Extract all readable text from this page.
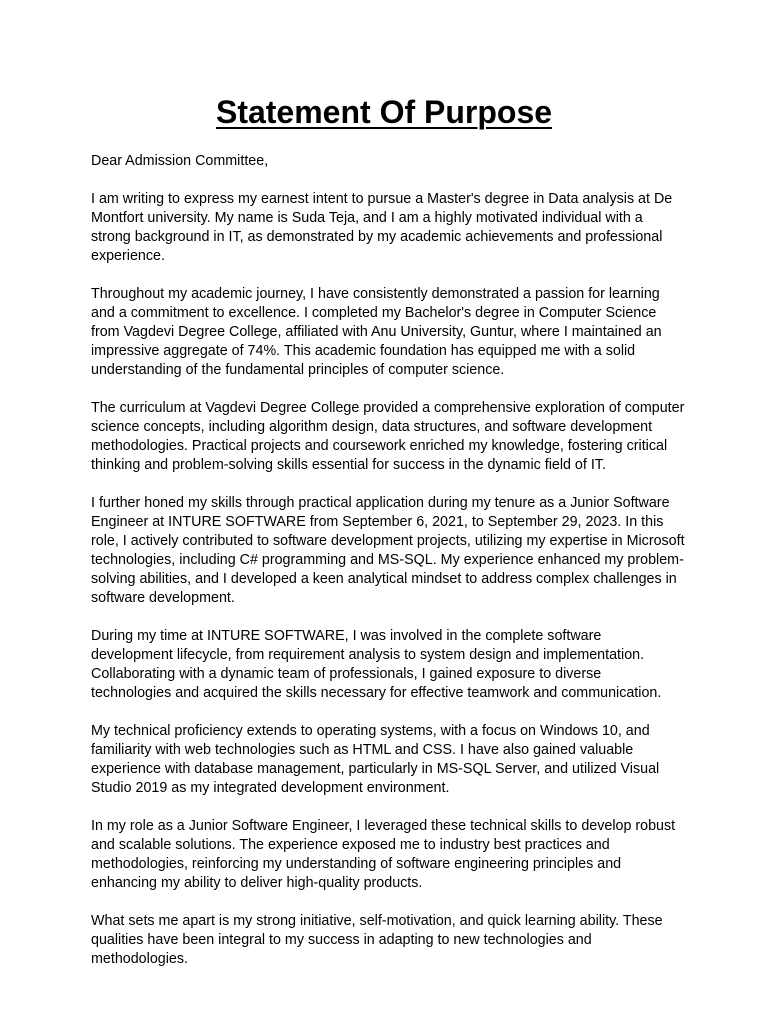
Statement Of Purpose

Dear Admission Committee,

I am writing to express my earnest intent to pursue a Master's degree in Data analysis at De Montfort university. My name is Suda Teja, and I am a highly motivated individual with a strong background in IT, as demonstrated by my academic achievements and professional experience.

Throughout my academic journey, I have consistently demonstrated a passion for learning and a commitment to excellence. I completed my Bachelor's degree in Computer Science from Vagdevi Degree College, affiliated with Anu University, Guntur, where I maintained an impressive aggregate of 74%. This academic foundation has equipped me with a solid understanding of the fundamental principles of computer science.

The curriculum at Vagdevi Degree College provided a comprehensive exploration of computer science concepts, including algorithm design, data structures, and software development methodologies. Practical projects and coursework enriched my knowledge, fostering critical thinking and problem-solving skills essential for success in the dynamic field of IT.

I further honed my skills through practical application during my tenure as a Junior Software Engineer at INTURE SOFTWARE from September 6, 2021, to September 29, 2023. In this role, I actively contributed to software development projects, utilizing my expertise in Microsoft technologies, including C# programming and MS-SQL. My experience enhanced my problem-solving abilities, and I developed a keen analytical mindset to address complex challenges in software development.

During my time at INTURE SOFTWARE, I was involved in the complete software development lifecycle, from requirement analysis to system design and implementation. Collaborating with a dynamic team of professionals, I gained exposure to diverse technologies and acquired the skills necessary for effective teamwork and communication.

My technical proficiency extends to operating systems, with a focus on Windows 10, and familiarity with web technologies such as HTML and CSS. I have also gained valuable experience with database management, particularly in MS-SQL Server, and utilized Visual Studio 2019 as my integrated development environment.

In my role as a Junior Software Engineer, I leveraged these technical skills to develop robust and scalable solutions. The experience exposed me to industry best practices and methodologies, reinforcing my understanding of software engineering principles and enhancing my ability to deliver high-quality products.

What sets me apart is my strong initiative, self-motivation, and quick learning ability. These qualities have been integral to my success in adapting to new technologies and methodologies.
